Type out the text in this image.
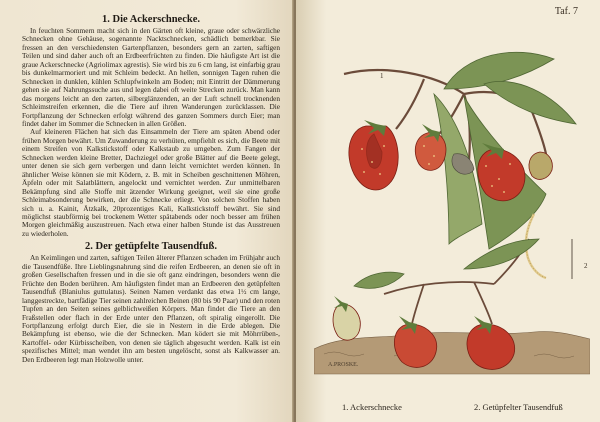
1. Die Ackerschnecke.

In feuchten Sommern macht sich in den Gärten oft kleine, graue oder schwärzliche Schnecken ohne Gehäuse, sogenannte Nacktschnecken, schädlich bemerkbar. Sie fressen an den verschiedensten Gartenpflanzen, besonders gern an zarten, saftigen Teilen und sind daher auch oft an Erdbeerfrüchten zu finden. Die häufigste Art ist die graue Ackerschnecke (Agriolimax agrestis). Sie wird bis zu 6 cm lang, ist einfarbig grau bis dunkelmarmoriert und mit Schleim bedeckt. An hellen, sonnigen Tagen ruhen die Schnecken in dunklen, kühlen Schlupfwinkeln am Boden; mit Eintritt der Dämmerung gehen sie auf Nahrungssuche aus und legen dabei oft weite Strecken zurück. Man kann das morgens leicht an den zarten, silberglänzenden, an der Luft schnell trocknenden Schleimstreifen erkennen, die die Tiere auf ihren Wanderungen zurücklassen. Die Fortpflanzung der Schnecken erfolgt während des ganzen Sommers durch Eier; man findet daher im Sommer die Schnecken in allen Größen.

Auf kleineren Flächen hat sich das Einsammeln der Tiere am späten Abend oder frühen Morgen bewährt. Um Zuwanderung zu verhüten, empfiehlt es sich, die Beete mit einem Streifen von Kalkstickstoff oder Kalkstaub zu umgeben. Zum Fangen der Schnecken werden kleine Bretter, Dachziegel oder große Blätter auf die Beete gelegt, unter denen sie sich gern verbergen und dann leicht vernichtet werden können. In ähnlicher Weise können sie mit Ködern, z. B. mit in Scheiben geschnittenen Möhren, Äpfeln oder mit Salatblättern, angelockt und vernichtet werden. Zur unmittelbaren Bekämpfung sind alle Stoffe mit ätzender Wirkung geeignet, weil sie eine große Schleimabsonderung bewirken, der die Schnecke erliegt. Von solchen Stoffen haben sich u. a. Kainit, Ätzkalk, 20prozentiges Kali, Kalkstickstoff bewährt. Sie sind möglichst staubförmig bei trockenem Wetter spätabends oder noch besser am frühen Morgen gleichmäßig auszustreuen. Nach etwa einer halben Stunde ist das Ausstreuen zu wiederholen.

2. Der getüpfelte Tausendfuß.

An Keimlingen und zarten, saftigen Teilen älterer Pflanzen schaden im Frühjahr auch die Tausendfüße. Ihre Lieblingsnahrung sind die reifen Erdbeeren, an denen sie oft in großen Gesellschaften fressen und in die sie oft ganz eindringen, besonders wenn die Früchte den Boden berühren. Am häufigsten findet man an Erdbeeren den getüpfelten Tausendfuß (Blaniulus guttulatus). Seinen Namen verdankt das etwa 1½ cm lange, langgestreckte, bartfädige Tier seinen zahlreichen Beinen (80 bis 90 Paar) und den roten Tupfen an den Seiten seines gelblichweißen Körpers. Man findet die Tiere an den Fraßstellen oder flach in der Erde unter den Pflanzen, oft spiralig eingerollt. Die Fortpflanzung erfolgt durch Eier, die sie in Nestern in die Erde ablegen. Die Bekämpfung ist ebenso, wie die der Schnecken. Man ködert sie mit Möhrrüben-, Kartoffel- oder Kürbisscheiben, von denen sie täglich abgesucht werden. Kalk ist ein spezifisches Mittel; man wendet ihn am besten ungelöscht, sonst als Kalkwasser an. Den Erdbeeren legt man Holzwolle unter.

Taf. 7
A.PROSKE.
1
2
1. Ackerschnecke	2. Getüpfelter Tausendfuß
